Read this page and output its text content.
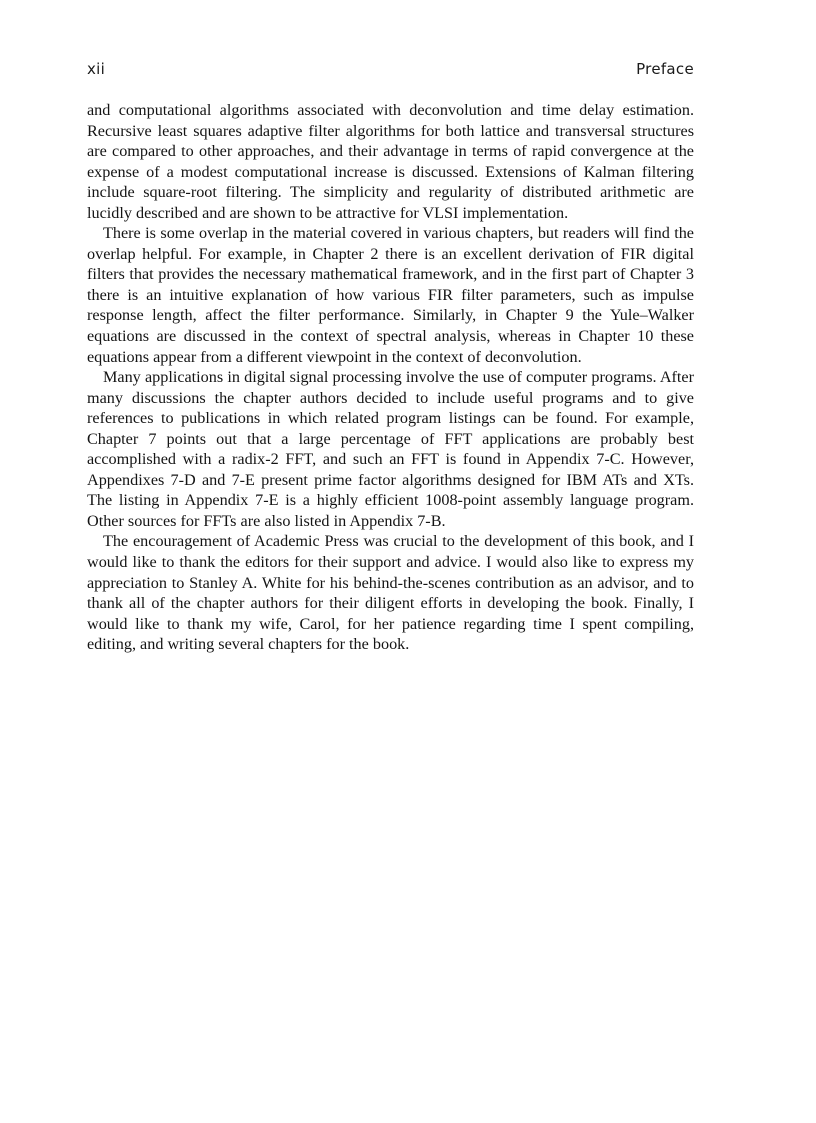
xii	Preface

and computational algorithms associated with deconvolution and time delay estimation. Recursive least squares adaptive filter algorithms for both lattice and transversal structures are compared to other approaches, and their advantage in terms of rapid convergence at the expense of a modest computational increase is discussed. Extensions of Kalman filtering include square-root filtering. The simplicity and regularity of distributed arithmetic are lucidly described and are shown to be attractive for VLSI implementation.

There is some overlap in the material covered in various chapters, but readers will find the overlap helpful. For example, in Chapter 2 there is an excellent derivation of FIR digital filters that provides the necessary mathematical framework, and in the first part of Chapter 3 there is an intuitive explanation of how various FIR filter parameters, such as impulse response length, affect the filter performance. Similarly, in Chapter 9 the Yule–Walker equations are discussed in the context of spectral analysis, whereas in Chapter 10 these equations appear from a different viewpoint in the context of deconvolution.

Many applications in digital signal processing involve the use of computer programs. After many discussions the chapter authors decided to include useful programs and to give references to publications in which related program listings can be found. For example, Chapter 7 points out that a large percentage of FFT applications are probably best accomplished with a radix-2 FFT, and such an FFT is found in Appendix 7-C. However, Appendixes 7-D and 7-E present prime factor algorithms designed for IBM ATs and XTs. The listing in Appendix 7-E is a highly efficient 1008-point assembly language program. Other sources for FFTs are also listed in Appendix 7-B.

The encouragement of Academic Press was crucial to the development of this book, and I would like to thank the editors for their support and advice. I would also like to express my appreciation to Stanley A. White for his behind-the-scenes contribution as an advisor, and to thank all of the chapter authors for their diligent efforts in developing the book. Finally, I would like to thank my wife, Carol, for her patience regarding time I spent compiling, editing, and writing several chapters for the book.
